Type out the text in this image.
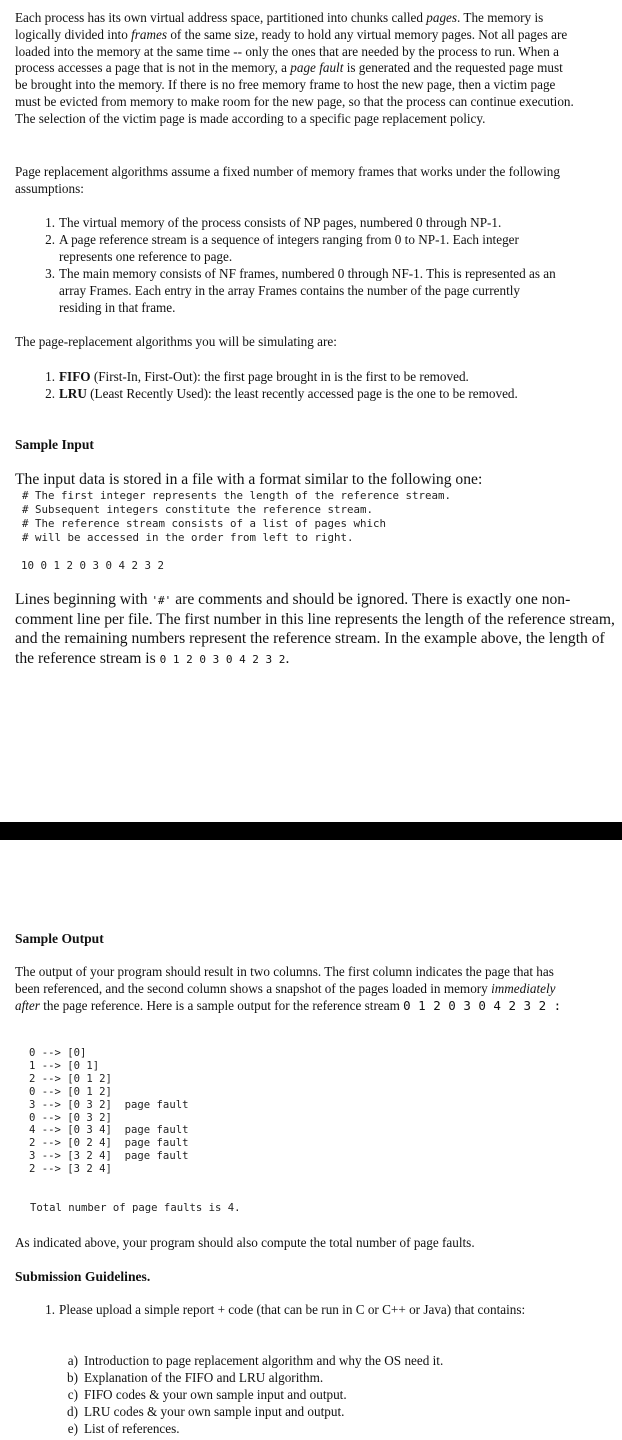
Each process has its own virtual address space, partitioned into chunks called pages. The memory is logically divided into frames of the same size, ready to hold any virtual memory pages. Not all pages are loaded into the memory at the same time -- only the ones that are needed by the process to run. When a process accesses a page that is not in the memory, a page fault is generated and the requested page must be brought into the memory. If there is no free memory frame to host the new page, then a victim page must be evicted from memory to make room for the new page, so that the process can continue execution. The selection of the victim page is made according to a specific page replacement policy.

Page replacement algorithms assume a fixed number of memory frames that works under the following assumptions:

1. The virtual memory of the process consists of NP pages, numbered 0 through NP-1.
2. A page reference stream is a sequence of integers ranging from 0 to NP-1. Each integer represents one reference to page.
3. The main memory consists of NF frames, numbered 0 through NF-1. This is represented as an array Frames. Each entry in the array Frames contains the number of the page currently residing in that frame.

The page-replacement algorithms you will be simulating are:

1. FIFO (First-In, First-Out): the first page brought in is the first to be removed.
2. LRU (Least Recently Used): the least recently accessed page is the one to be removed.

Sample Input

The input data is stored in a file with a format similar to the following one:

# The first integer represents the length of the reference stream.
# Subsequent integers constitute the reference stream.
# The reference stream consists of a list of pages which
# will be accessed in the order from left to right.
10 0 1 2 0 3 0 4 2 3 2

Lines beginning with '#' are comments and should be ignored. There is exactly one non-comment line per file. The first number in this line represents the length of the reference stream, and the remaining numbers represent the reference stream. In the example above, the length of the reference stream is 0 1 2 0 3 0 4 2 3 2.

Sample Output

The output of your program should result in two columns. The first column indicates the page that has been referenced, and the second column shows a snapshot of the pages loaded in memory immediately after the page reference. Here is a sample output for the reference stream 0 1 2 0 3 0 4 2 3 2 :

0 --> [0]
1 --> [0 1]
2 --> [0 1 2]
0 --> [0 1 2]
3 --> [0 3 2]  page fault
0 --> [0 3 2]
4 --> [0 3 4]  page fault
2 --> [0 2 4]  page fault
3 --> [3 2 4]  page fault
2 --> [3 2 4]
Total number of page faults is 4.

As indicated above, your program should also compute the total number of page faults.

Submission Guidelines.

1. Please upload a simple report + code (that can be run in C or C++ or Java) that contains:
a) Introduction to page replacement algorithm and why the OS need it.
b) Explanation of the FIFO and LRU algorithm.
c) FIFO codes & your own sample input and output.
d) LRU codes & your own sample input and output.
e) List of references.
